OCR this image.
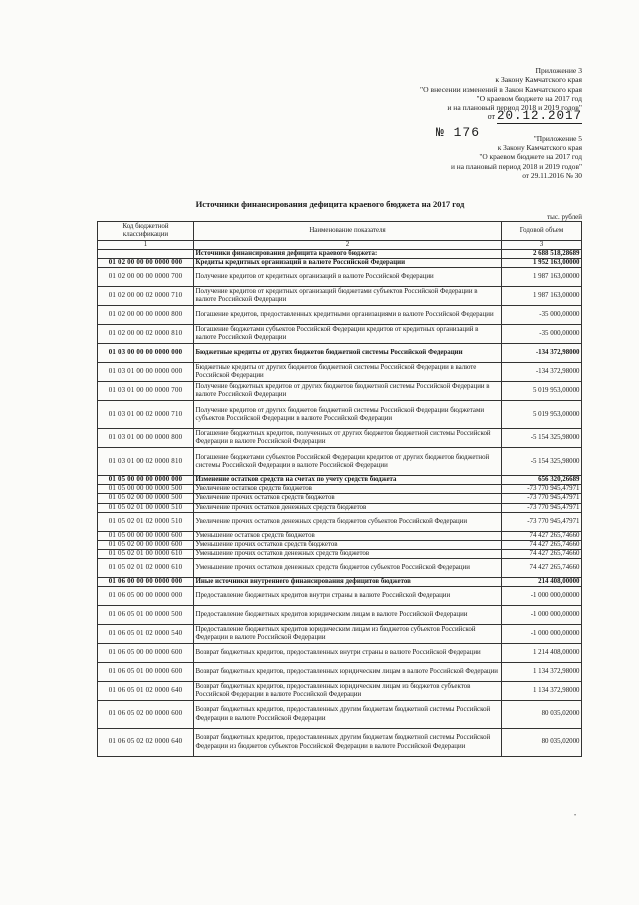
Приложение 3
к Закону Камчатского края
"О внесении изменений в Закон Камчатского края
"О краевом бюджете на 2017 год
и на плановый период 2018 и 2019 годов"
от 20.12.2017
№ 176	"Приложение 5
к Закону Камчатского края
"О краевом бюджете на 2017 год
и на плановый период 2018 и 2019 годов"
от 29.11.2016 № 30
Источники финансирования дефицита краевого бюджета на 2017 год
тыс. рублей
Код бюджетной классификации	Наименование показателя	Годовой объем
1	2	3
	Источники финансирования дефицита краевого бюджета:	2 688 518,28689
01 02 00 00 00 0000 000	Кредиты кредитных организаций в валюте Российской Федерации	1 952 163,00000
01 02 00 00 00 0000 700	Получение кредитов от кредитных организаций в валюте Российской Федерации	1 987 163,00000
01 02 00 00 02 0000 710	Получение кредитов от кредитных организаций бюджетами субъектов Российской Федерации в валюте Российской Федерации	1 987 163,00000
01 02 00 00 00 0000 800	Погашение кредитов, предоставленных кредитными организациями в валюте Российской Федерации	-35 000,00000
01 02 00 00 02 0000 810	Погашение бюджетами субъектов Российской Федерации кредитов от кредитных организаций в валюте Российской Федерации	-35 000,00000
01 03 00 00 00 0000 000	Бюджетные кредиты от других бюджетов бюджетной системы Российской Федерации	-134 372,98000
01 03 01 00 00 0000 000	Бюджетные кредиты от других бюджетов бюджетной системы Российской Федерации в валюте Российской Федерации	-134 372,98000
01 03 01 00 00 0000 700	Получение бюджетных кредитов от других бюджетов бюджетной системы Российской Федерации в валюте Российской Федерации	5 019 953,00000
01 03 01 00 02 0000 710	Получение кредитов от других бюджетов бюджетной системы Российской Федерации бюджетами субъектов Российской Федерации в валюте Российской Федерации	5 019 953,00000
01 03 01 00 00 0000 800	Погашение бюджетных кредитов, полученных от других бюджетов бюджетной системы Российской Федерации в валюте Российской Федерации	-5 154 325,98000
01 03 01 00 02 0000 810	Погашение бюджетами субъектов Российской Федерации кредитов от других бюджетов бюджетной системы Российской Федерации в валюте Российской Федерации	-5 154 325,98000
01 05 00 00 00 0000 000	Изменение остатков средств на счетах по учету средств бюджета	656 320,26689
01 05 00 00 00 0000 500	Увеличение остатков средств бюджетов	-73 770 945,47971
01 05 02 00 00 0000 500	Увеличение прочих остатков средств бюджетов	-73 770 945,47971
01 05 02 01 00 0000 510	Увеличение прочих остатков денежных средств бюджетов	-73 770 945,47971
01 05 02 01 02 0000 510	Увеличение прочих остатков денежных средств бюджетов субъектов Российской Федерации	-73 770 945,47971
01 05 00 00 00 0000 600	Уменьшение остатков средств бюджетов	74 427 265,74660
01 05 02 00 00 0000 600	Уменьшение прочих остатков средств бюджетов	74 427 265,74660
01 05 02 01 00 0000 610	Уменьшение прочих остатков денежных средств бюджетов	74 427 265,74660
01 05 02 01 02 0000 610	Уменьшение прочих остатков денежных средств бюджетов субъектов Российской Федерации	74 427 265,74660
01 06 00 00 00 0000 000	Иные источники внутреннего финансирования дефицитов бюджетов	214 408,00000
01 06 05 00 00 0000 000	Предоставление бюджетных кредитов внутри страны в валюте Российской Федерации	-1 000 000,00000
01 06 05 01 00 0000 500	Предоставление бюджетных кредитов юридическим лицам в валюте Российской Федерации	-1 000 000,00000
01 06 05 01 02 0000 540	Предоставление бюджетных кредитов юридическим лицам из бюджетов субъектов Российской Федерации в валюте Российской Федерации	-1 000 000,00000
01 06 05 00 00 0000 600	Возврат бюджетных кредитов, предоставленных внутри страны в валюте Российской Федерации	1 214 408,00000
01 06 05 01 00 0000 600	Возврат бюджетных кредитов, предоставленных юридическим лицам в валюте Российской Федерации	1 134 372,98000
01 06 05 01 02 0000 640	Возврат бюджетных кредитов, предоставленных юридическим лицам из бюджетов субъектов Российской Федерации в валюте Российской Федерации	1 134 372,98000
01 06 05 02 00 0000 600	Возврат бюджетных кредитов, предоставленных другим бюджетам бюджетной системы Российской Федерации в валюте Российской Федерации	80 035,02000
01 06 05 02 02 0000 640	Возврат бюджетных кредитов, предоставленных другим бюджетам бюджетной системы Российской Федерации из бюджетов субъектов Российской Федерации в валюте Российской Федерации	80 035,02000
•
